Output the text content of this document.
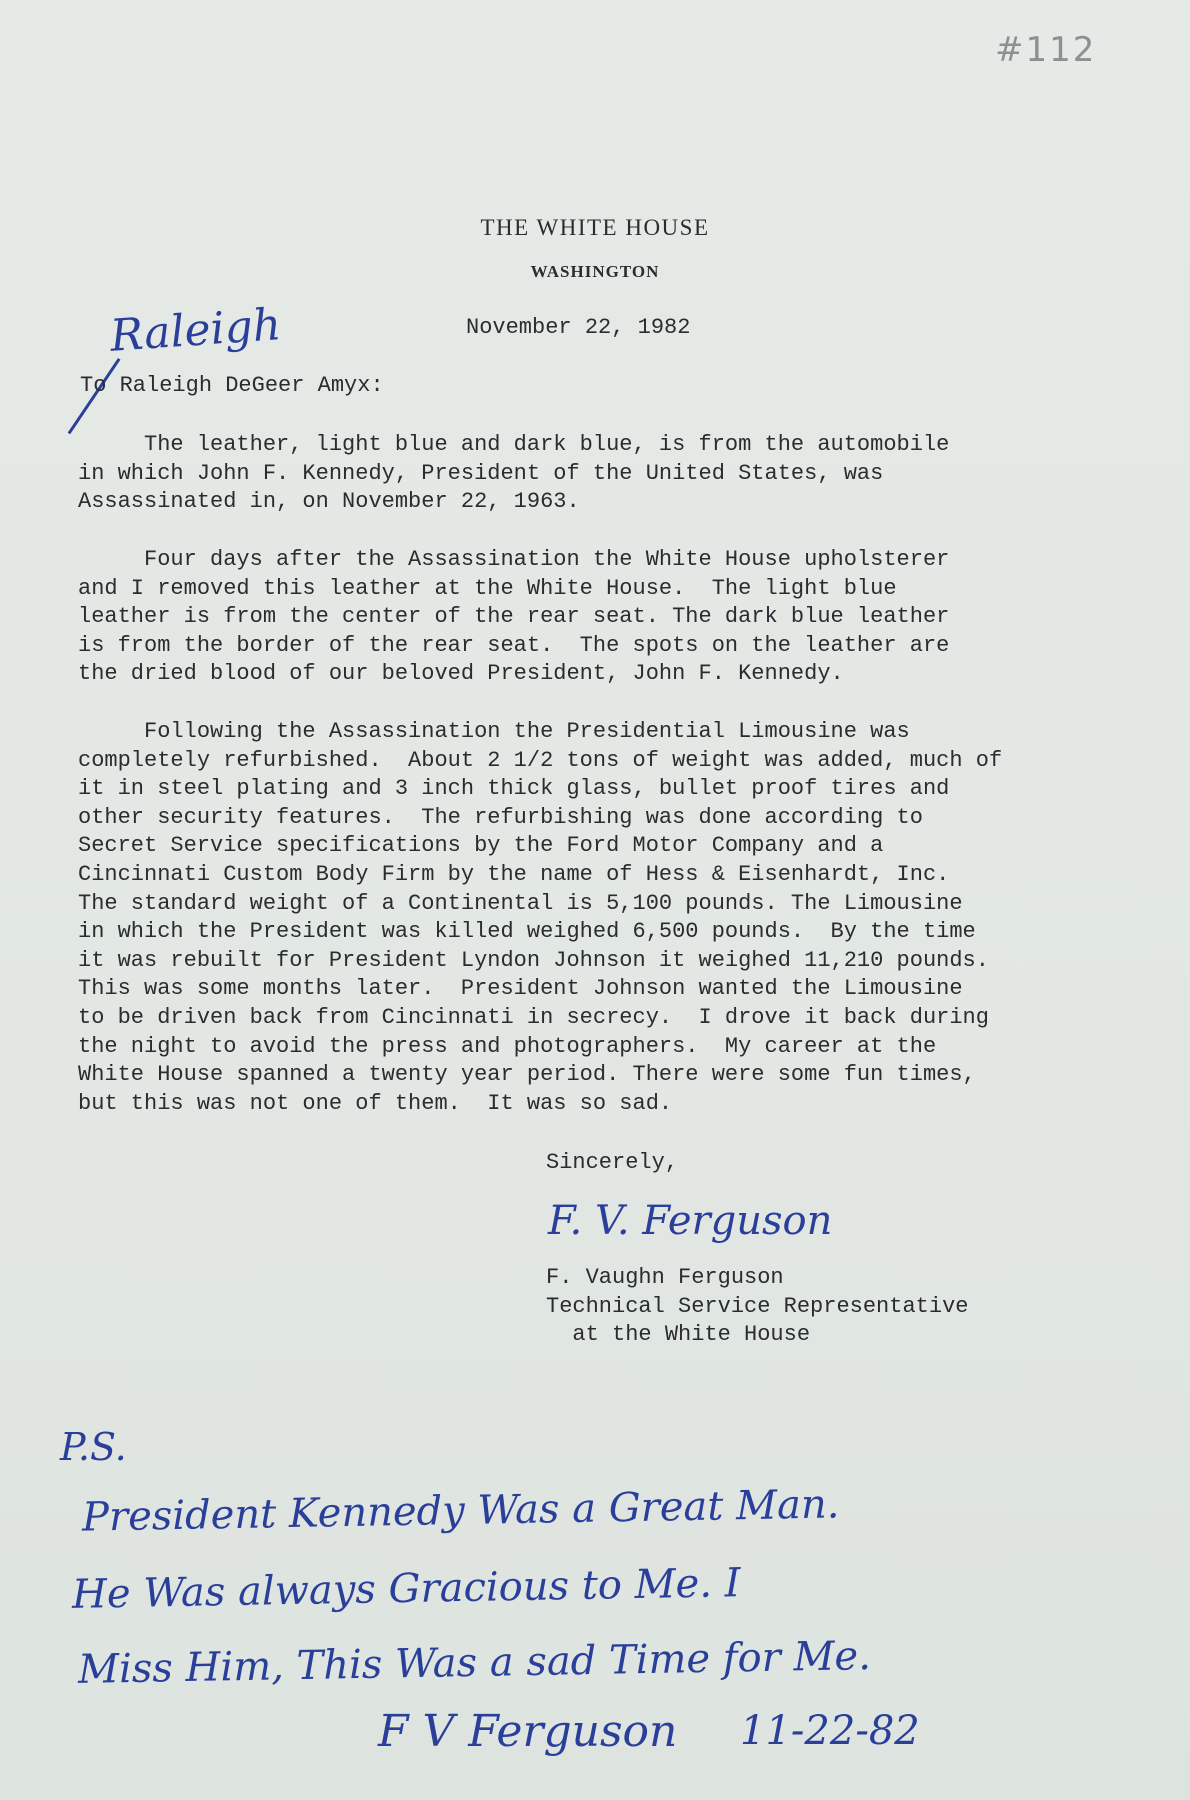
#112
THE WHITE HOUSE
WASHINGTON
November 22, 1982
Raleigh
To Raleigh DeGeer Amyx:
The leather, light blue and dark blue, is from the automobile
in which John F. Kennedy, President of the United States, was
Assassinated in, on November 22, 1963.
Four days after the Assassination the White House upholsterer
and I removed this leather at the White House.  The light blue
leather is from the center of the rear seat. The dark blue leather
is from the border of the rear seat.  The spots on the leather are
the dried blood of our beloved President, John F. Kennedy.
Following the Assassination the Presidential Limousine was
completely refurbished.  About 2 1/2 tons of weight was added, much of
it in steel plating and 3 inch thick glass, bullet proof tires and
other security features.  The refurbishing was done according to
Secret Service specifications by the Ford Motor Company and a
Cincinnati Custom Body Firm by the name of Hess & Eisenhardt, Inc.
The standard weight of a Continental is 5,100 pounds. The Limousine
in which the President was killed weighed 6,500 pounds.  By the time
it was rebuilt for President Lyndon Johnson it weighed 11,210 pounds.
This was some months later.  President Johnson wanted the Limousine
to be driven back from Cincinnati in secrecy.  I drove it back during
the night to avoid the press and photographers.  My career at the
White House spanned a twenty year period. There were some fun times,
but this was not one of them.  It was so sad.
Sincerely,
F. V. Ferguson
F. Vaughn Ferguson
Technical Service Representative
at the White House
P.S.
President Kennedy Was a Great Man.
He Was always Gracious to Me. I
Miss Him, This Was a sad Time for Me.
F V Ferguson 11-22-82
